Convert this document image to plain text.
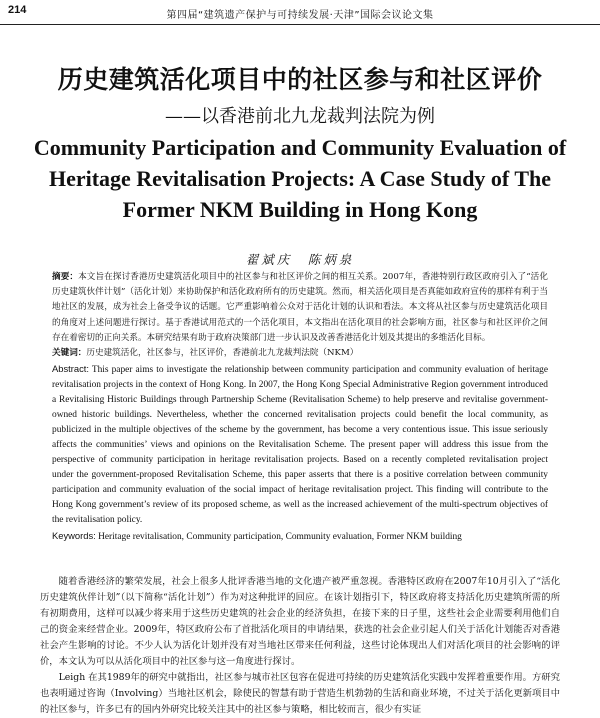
214	第四届“建筑遗产保护与可持续发展·天津”国际会议论文集
历史建筑活化项目中的社区参与和社区评价
——以香港前北九龙裁判法院为例
Community Participation and Community Evaluation of Heritage Revitalisation Projects: A Case Study of The Former NKM Building in Hong Kong
翟斌庆　陈炳泉

摘要：本文旨在探讨香港历史建筑活化项目中的社区参与和社区评价之间的相互关系。2007年，香港特别行政区政府引入了“活化历史建筑伙伴计划”（活化计划）来协助保护和活化政府所有的历史建筑。然而，相关活化项目是否真能如政府宣传的那样有利于当地社区的发展，成为社会上备受争议的话题。它严重影响着公众对于活化计划的认识和看法。本文将从社区参与历史建筑活化项目的角度对上述问题进行探讨。基于香港试用范式的一个活化项目，本文指出在活化项目的社会影响方面，社区参与和社区评价之间存在着密切的正向关系。本研究结果有助于政府决策部门进一步认识及改善香港活化计划及其提出的多维活化目标。

关键词：历史建筑活化，社区参与，社区评价，香港前北九龙裁判法院（NKM）

Abstract: This paper aims to investigate the relationship between community participation and community evaluation of heritage revitalisation projects in the context of Hong Kong. In 2007, the Hong Kong Special Administrative Region government introduced a Revitalising Historic Buildings through Partnership Scheme (Revitalisation Scheme) to help preserve and revitalise government-owned historic buildings. Nevertheless, whether the concerned revitalisation projects could benefit the local community, as publicized in the multiple objectives of the scheme by the government, has become a very contentious issue. This issue seriously affects the communities’ views and opinions on the Revitalisation Scheme. The present paper will address this issue from the perspective of community participation in heritage revitalisation projects. Based on a recently completed revitalisation project under the government-proposed Revitalisation Scheme, this paper asserts that there is a positive correlation between community participation and community evaluation of the social impact of heritage revitalisation project. This finding will contribute to the Hong Kong government’s review of its proposed scheme, as well as the increased achievement of the multi-spectrum objectives of the revitalisation policy.

Keywords: Heritage revitalisation, Community participation, Community evaluation, Former NKM building

随着香港经济的繁荣发展，社会上很多人批评香港当地的文化遗产被严重忽视。香港特区政府在2007年10月引入了“活化历史建筑伙伴计划”（以下简称“活化计划”）作为对这种批评的回应。在该计划指引下，特区政府将支持活化历史建筑所需的所有初期费用，这样可以减少将来用于这些历史建筑的社会企业的经济负担，在接下来的日子里，这些社会企业需要利用他们自己的资金来经营企业。2009年，特区政府公布了首批活化项目的申请结果，获选的社会企业引起人们关于活化计划能否对香港社会产生影响的讨论。不少人认为活化计划并没有对当地社区带来任何利益，这些讨论体现出人们对活化项目的社会影响的评价，本文认为可以从活化项目中的社区参与这一角度进行探讨。

Leigh 在其1989年的研究中就指出，社区参与城市社区包容在促进可持续的历史建筑活化实践中发挥着重要作用。方研究也表明通过咨询（Involving）当地社区机会，除使民的智慧有助于营造生机勃勃的生活和商业环境，不过关于活化更新项目中的社区参与，许多已有的国内外研究比较关注其中的社区参与策略，相比较而言，很少有实证
